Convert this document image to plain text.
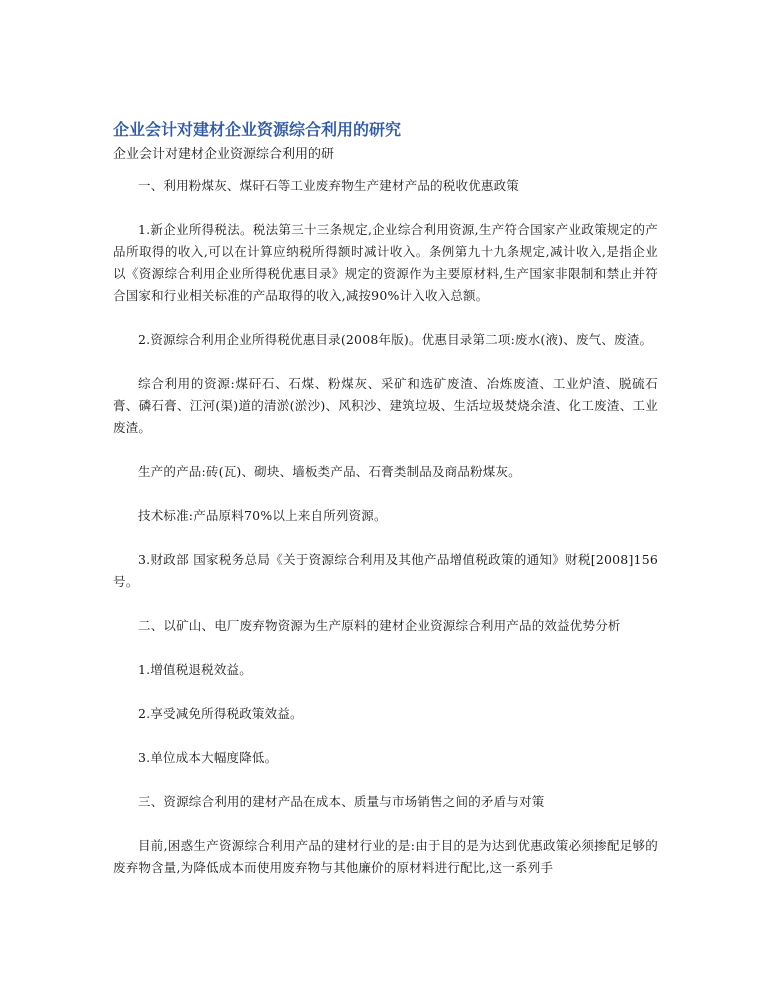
企业会计对建材企业资源综合利用的研究
企业会计对建材企业资源综合利用的研

一、利用粉煤灰、煤矸石等工业废弃物生产建材产品的税收优惠政策

1.新企业所得税法。税法第三十三条规定,企业综合利用资源,生产符合国家产业政策规定的产品所取得的收入,可以在计算应纳税所得额时减计收入。条例第九十九条规定,减计收入,是指企业以《资源综合利用企业所得税优惠目录》规定的资源作为主要原材料,生产国家非限制和禁止并符合国家和行业相关标准的产品取得的收入,减按90%计入收入总额。

2.资源综合利用企业所得税优惠目录(2008年版)。优惠目录第二项:废水(液)、废气、废渣。

综合利用的资源:煤矸石、石煤、粉煤灰、采矿和选矿废渣、冶炼废渣、工业炉渣、脱硫石膏、磷石膏、江河(渠)道的清淤(淤沙)、风积沙、建筑垃圾、生活垃圾焚烧余渣、化工废渣、工业废渣。

生产的产品:砖(瓦)、砌块、墙板类产品、石膏类制品及商品粉煤灰。

技术标准:产品原料70%以上来自所列资源。

3.财政部 国家税务总局《关于资源综合利用及其他产品增值税政策的通知》财税[2008]156号。

二、以矿山、电厂废弃物资源为生产原料的建材企业资源综合利用产品的效益优势分析

1.增值税退税效益。

2.享受减免所得税政策效益。

3.单位成本大幅度降低。

三、资源综合利用的建材产品在成本、质量与市场销售之间的矛盾与对策

目前,困惑生产资源综合利用产品的建材行业的是:由于目的是为达到优惠政策必须掺配足够的废弃物含量,为降低成本而使用废弃物与其他廉价的原材料进行配比,这一系列手
